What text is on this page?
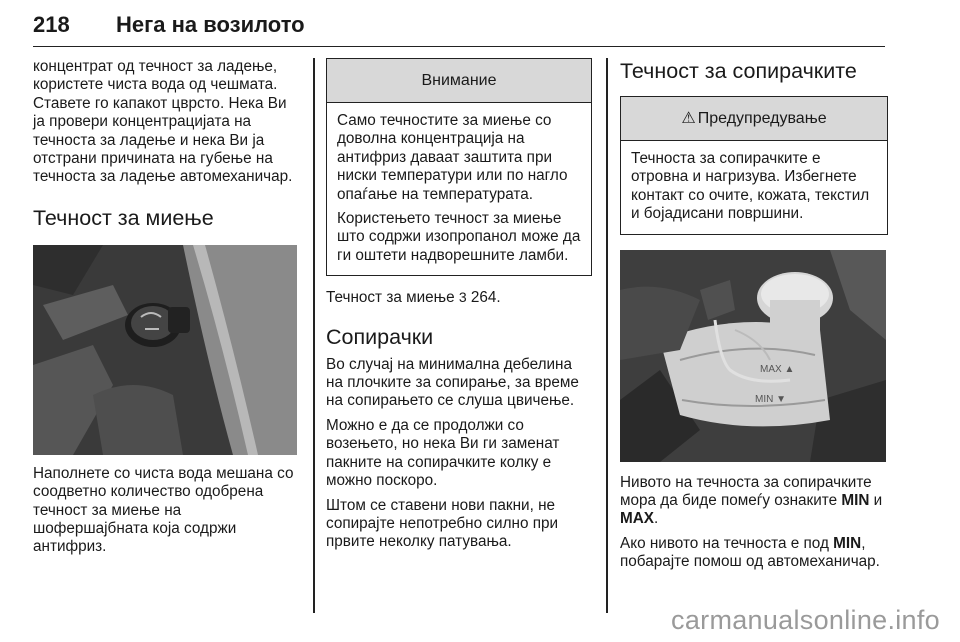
218 Нега на возилото

концентрат од течност за ладење, користете чиста вода од чешмата. Ставете го капакот цврсто. Нека Ви ја провери концентрацијата на течноста за ладење и нека Ви ја отстрани причината на губење на течноста за ладење автомеханичар.

Течност за миење

Наполнете со чиста вода мешана со соодветно количество одобрена течност за миење на шофершајбната која содржи антифриз.

Внимание

Само течностите за миење со доволна концентрација на антифриз даваат заштита при ниски температури или по нагло опаѓање на температурата.

Користењето течност за миење што содржи изопропанол може да ги оштети надворешните ламби.

Течност за миење 3 264.

Сопирачки

Во случај на минимална дебелина на плочките за сопирање, за време на сопирањето се слуша цвичење.

Можно е да се продолжи со возењето, но нека Ви ги заменат пакните на сопирачките колку е можно поскоро.

Штом се ставени нови пакни, не сопирајте непотребно силно при првите неколку патувања.

Течност за сопирачките
⚠ Предупредување

Течноста за сопирачките е отровна и нагризува. Избегнете контакт со очите, кожата, текстил и бојадисани површини.

MAX ▲
MIN ▼

Нивото на течноста за сопирачките мора да биде помеѓу ознаките MIN и MAX.

Ако нивото на течноста е под MIN, побарајте помош од автомеханичар.

carmanualsonline.info
